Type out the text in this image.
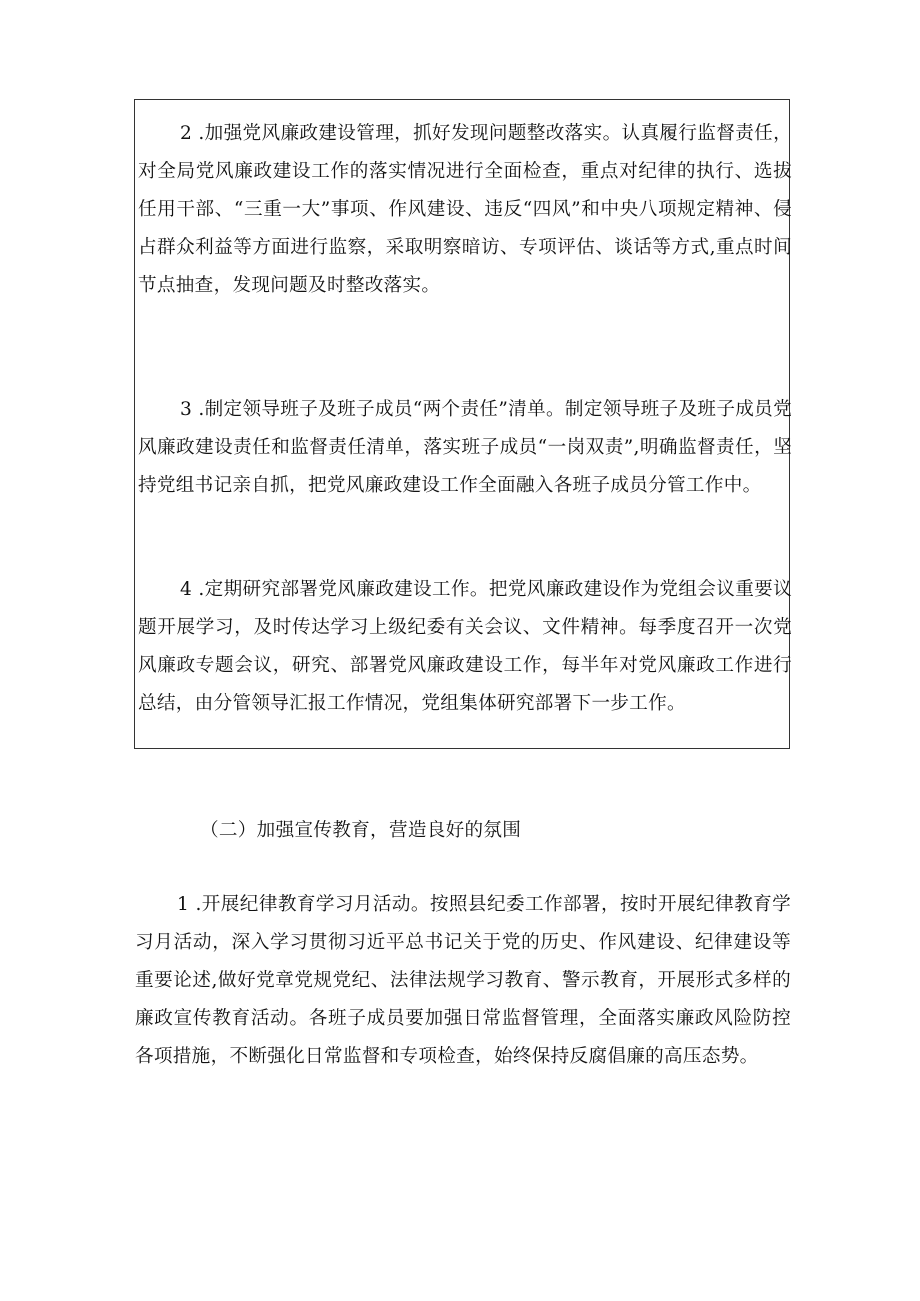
2 .加强党风廉政建设管理，抓好发现问题整改落实。认真履行监督责任，对全局党风廉政建设工作的落实情况进行全面检查，重点对纪律的执行、选拔任用干部、“三重一大”事项、作风建设、违反“四风”和中央八项规定精神、侵占群众利益等方面进行监察，采取明察暗访、专项评估、谈话等方式,重点时间节点抽查，发现问题及时整改落实。

3 .制定领导班子及班子成员“两个责任”清单。制定领导班子及班子成员党风廉政建设责任和监督责任清单，落实班子成员“一岗双责”,明确监督责任，坚持党组书记亲自抓，把党风廉政建设工作全面融入各班子成员分管工作中。

4 .定期研究部署党风廉政建设工作。把党风廉政建设作为党组会议重要议题开展学习，及时传达学习上级纪委有关会议、文件精神。每季度召开一次党风廉政专题会议，研究、部署党风廉政建设工作，每半年对党风廉政工作进行总结，由分管领导汇报工作情况，党组集体研究部署下一步工作。

（二）加强宣传教育，营造良好的氛围

1 .开展纪律教育学习月活动。按照县纪委工作部署，按时开展纪律教育学习月活动，深入学习贯彻习近平总书记关于党的历史、作风建设、纪律建设等重要论述,做好党章党规党纪、法律法规学习教育、警示教育，开展形式多样的廉政宣传教育活动。各班子成员要加强日常监督管理，全面落实廉政风险防控各项措施，不断强化日常监督和专项检查，始终保持反腐倡廉的高压态势。
